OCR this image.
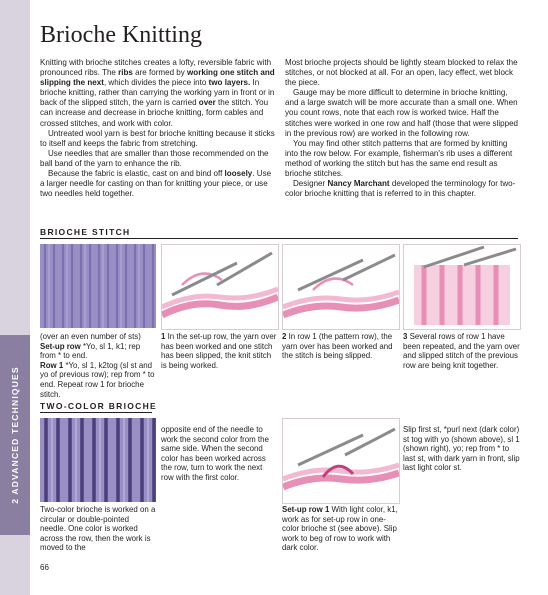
2 ADVANCED TECHNIQUES
Brioche Knitting

Knitting with brioche stitches creates a lofty, reversible fabric with pronounced ribs. The ribs are formed by working one stitch and slipping the next, which divides the piece into two layers. In brioche knitting, rather than carrying the working yarn in front or in back of the slipped stitch, the yarn is carried over the stitch. You can increase and decrease in brioche knitting, form cables and crossed stitches, and work with color.

Untreated wool yarn is best for brioche knitting because it sticks to itself and keeps the fabric from stretching.

Use needles that are smaller than those recommended on the ball band of the yarn to enhance the rib.

Because the fabric is elastic, cast on and bind off loosely. Use a larger needle for casting on than for knitting your piece, or use two needles held together.

Most brioche projects should be lightly steam blocked to relax the stitches, or not blocked at all. For an open, lacy effect, wet block the piece.

Gauge may be more difficult to determine in brioche knitting, and a large swatch will be more accurate than a small one. When you count rows, note that each row is worked twice. Half the stitches were worked in one row and half (those that were slipped in the previous row) are worked in the following row.

You may find other stitch patterns that are formed by knitting into the row below. For example, fisherman's rib uses a different method of working the stitch but has the same end result as brioche stitches.

Designer Nancy Marchant developed the terminology for two-color brioche knitting that is referred to in this chapter.

BRIOCHE STITCH
(over an even number of sts)
Set-up row *Yo, sl 1, k1; rep from * to end.
Row 1 *Yo, sl 1, k2tog (sl st and yo of previous row); rep from * to end. Repeat row 1 for brioche stitch.
1 In the set-up row, the yarn over has been worked and one stitch has been slipped, the knit stitch is being worked.
2 In row 1 (the pattern row), the yarn over has been worked and the stitch is being slipped.
3 Several rows of row 1 have been repeated, and the yarn over and slipped stitch of the previous row are being knit together.
TWO-COLOR BRIOCHE
Two-color brioche is worked on a circular or double-pointed needle. One color is worked across the row, then the work is moved to the
opposite end of the needle to work the second color from the same side. When the second color has been worked across the row, turn to work the next row with the first color.
Set-up row 1 With light color, k1, work as for set-up row in one-color brioche st (see above). Slip work to beg of row to work with dark color.
Slip first st, *purl next (dark color) st tog with yo (shown above), sl 1 (shown right), yo; rep from * to last st, with dark yarn in front, slip last light color st.
66
